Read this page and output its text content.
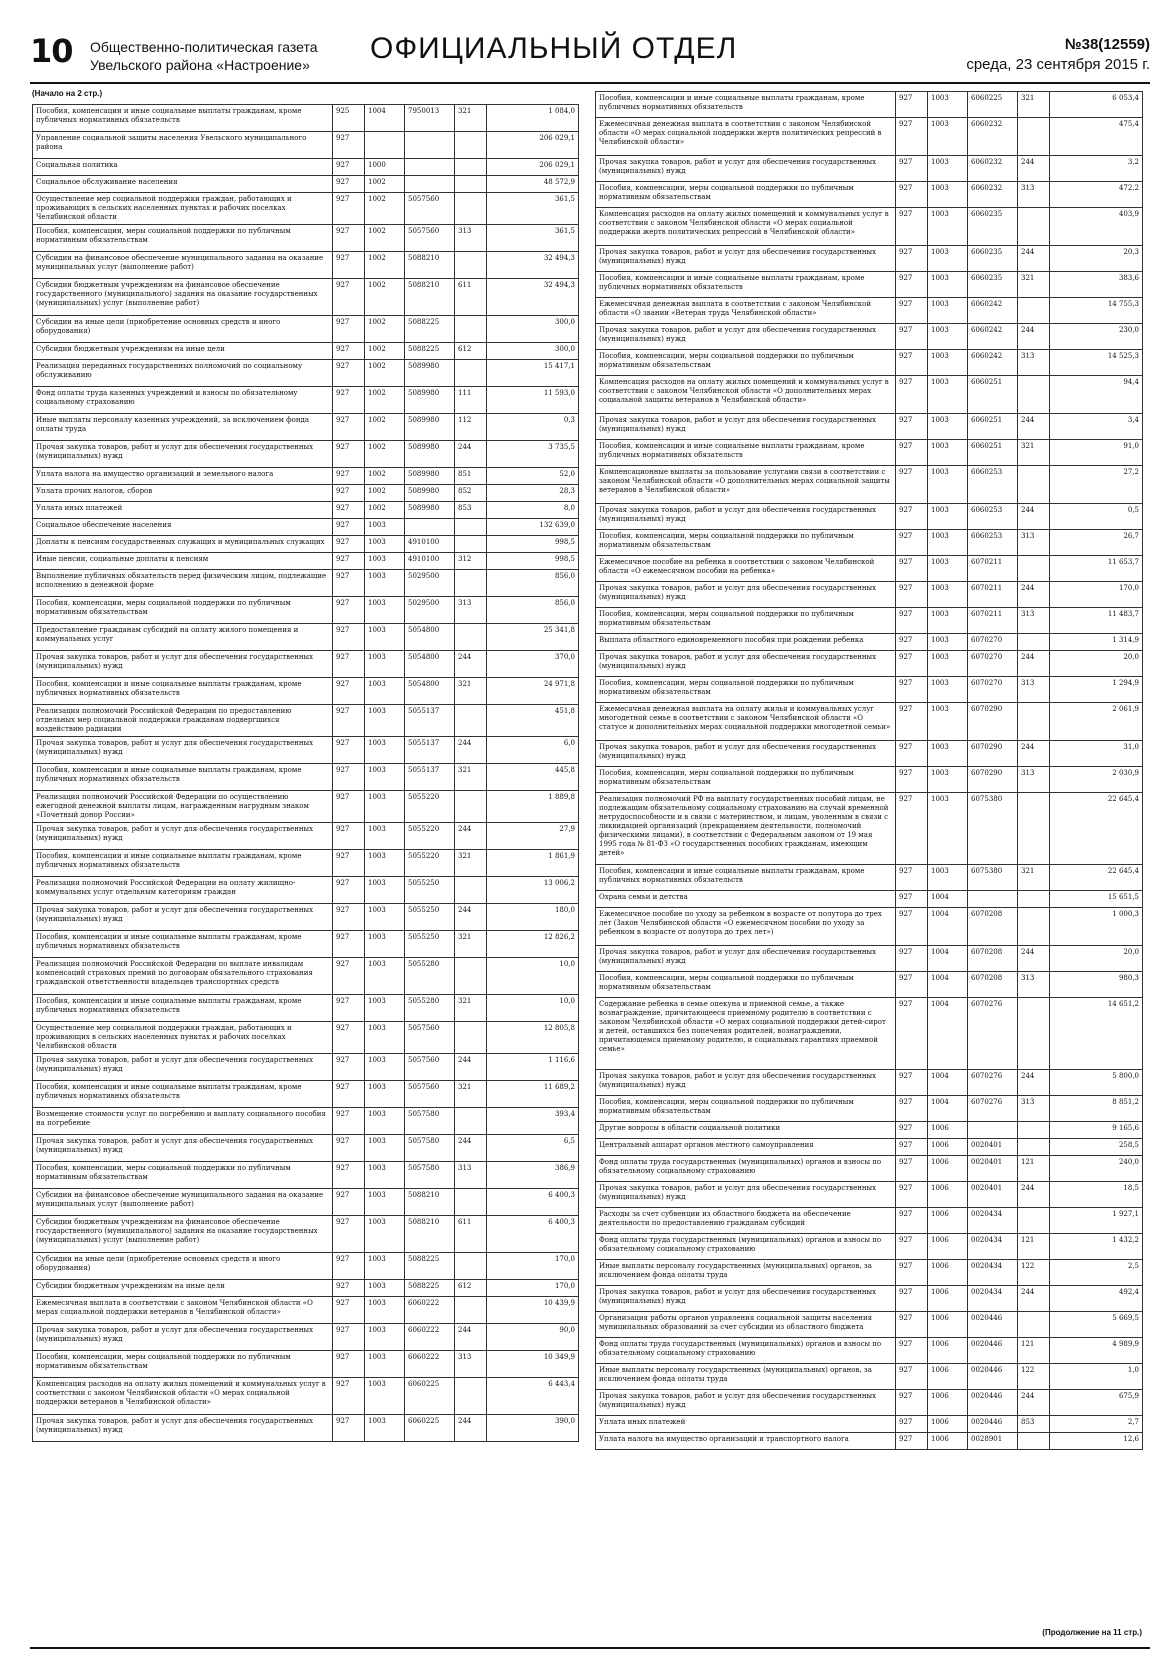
10 Общественно-политическая газета
Увельского района «Настроение» ОФИЦИАЛЬНЫЙ ОТДЕЛ	№38(12559)
среда, 23 сентября 2015 г.
(Начало на 2 стр.)
Пособия, компенсации и иные социальные выплаты гражданам, кроме публичных нормативных обязательств	925	1004	7950013	321	1 084,0
Управление социальной защиты населения Увельского муниципального района	927				206 029,1
Социальная политика	927	1000			206 029,1
Социальное обслуживание населения	927	1002			48 572,9
Осуществление мер социальной поддержки граждан, работающих и проживающих в сельских населенных пунктах и рабочих поселках Челябинской области	927	1002	5057560		361,5
Пособия, компенсации, меры социальной поддержки по публичным нормативным обязательствам	927	1002	5057560	313	361,5
Субсидии на финансовое обеспечение муниципального задания на оказание муниципальных услуг (выполнение работ)	927	1002	5088210		32 494,3
Субсидии бюджетным учреждениям на финансовое обеспечение государственного (муниципального) задания на оказание государственных (муниципальных) услуг (выполнение работ)	927	1002	5088210	611	32 494,3
Субсидии на иные цели (приобретение основных средств и иного оборудования)	927	1002	5088225		300,0
Субсидии бюджетным учреждениям на иные цели	927	1002	5088225	612	300,0
Реализация переданных государственных полномочий по социальному обслуживанию	927	1002	5089980		15 417,1
Фонд оплаты труда казенных учреждений и взносы по обязательному социальному страхованию	927	1002	5089980	111	11 593,0
Иные выплаты персоналу казенных учреждений, за исключением фонда оплаты труда	927	1002	5089980	112	0,3
Прочая закупка товаров, работ и услуг для обеспечения государственных (муниципальных) нужд	927	1002	5089980	244	3 735,5
Уплата налога на имущество организаций и земельного налога	927	1002	5089980	851	52,0
Уплата прочих налогов, сборов	927	1002	5089980	852	28,3
Уплата иных платежей	927	1002	5089980	853	8,0
Социальное обеспечение населения	927	1003			132 639,0
Доплаты к пенсиям государственных служащих и муниципальных служащих	927	1003	4910100		998,5
Иные пенсии, социальные доплаты к пенсиям	927	1003	4910100	312	998,5
Выполнение публичных обязательств перед физическим лицом, подлежащие исполнению в денежной форме	927	1003	5029500		856,0
Пособия, компенсации, меры социальной поддержки по публичным нормативным обязательствам	927	1003	5029500	313	856,0
Предоставление гражданам субсидий на оплату жилого помещения и коммунальных услуг	927	1003	5054800		25 341,8
Прочая закупка товаров, работ и услуг для обеспечения государственных (муниципальных) нужд	927	1003	5054800	244	370,0
Пособия, компенсации и иные социальные выплаты гражданам, кроме публичных нормативных обязательств	927	1003	5054800	321	24 971,8
Реализация полномочий Российской Федерации по предоставлению отдельных мер социальной поддержки гражданам подвергшихся воздействию радиации	927	1003	5055137		451,8
Прочая закупка товаров, работ и услуг для обеспечения государственных (муниципальных) нужд	927	1003	5055137	244	6,0
Пособия, компенсации и иные социальные выплаты гражданам, кроме публичных нормативных обязательств	927	1003	5055137	321	445,8
Реализация полномочий Российской Федерации по осуществлению ежегодной денежной выплаты лицам, награжденным нагрудным знаком «Почетный донор России»	927	1003	5055220		1 889,8
Прочая закупка товаров, работ и услуг для обеспечения государственных (муниципальных) нужд	927	1003	5055220	244	27,9
Пособия, компенсации и иные социальные выплаты гражданам, кроме публичных нормативных обязательств	927	1003	5055220	321	1 861,9
Реализация полномочий Российской Федерации на оплату жилищно-коммунальных услуг отдельным категориям граждан	927	1003	5055250		13 006,2
Прочая закупка товаров, работ и услуг для обеспечения государственных (муниципальных) нужд	927	1003	5055250	244	180,0
Пособия, компенсации и иные социальные выплаты гражданам, кроме публичных нормативных обязательств	927	1003	5055250	321	12 826,2
Реализация полномочий Российской Федерации по выплате инвалидам компенсаций страховых премий по договорам обязательного страхования гражданской ответственности владельцев транспортных средств	927	1003	5055280		10,0
Пособия, компенсации и иные социальные выплаты гражданам, кроме публичных нормативных обязательств	927	1003	5055280	321	10,0
Осуществление мер социальной поддержки граждан, работающих и проживающих в сельских населенных пунктах и рабочих поселках Челябинской области	927	1003	5057560		12 805,8
Прочая закупка товаров, работ и услуг для обеспечения государственных (муниципальных) нужд	927	1003	5057560	244	1 116,6
Пособия, компенсации и иные социальные выплаты гражданам, кроме публичных нормативных обязательств	927	1003	5057560	321	11 689,2
Возмещение стоимости услуг по погребению и выплату социального пособия на погребение	927	1003	5057580		393,4
Прочая закупка товаров, работ и услуг для обеспечения государственных (муниципальных) нужд	927	1003	5057580	244	6,5
Пособия, компенсации, меры социальной поддержки по публичным нормативным обязательствам	927	1003	5057580	313	386,9
Субсидии на финансовое обеспечение муниципального задания на оказание муниципальных услуг (выполнение работ)	927	1003	5088210		6 400,3
Субсидии бюджетным учреждениям на финансовое обеспечение государственного (муниципального) задания на оказание государственных (муниципальных) услуг (выполнение работ)	927	1003	5088210	611	6 400,3
Субсидии на иные цели (приобретение основных средств и иного оборудования)	927	1003	5088225		170,0
Субсидии бюджетным учреждениям на иные цели	927	1003	5088225	612	170,0
Ежемесячная выплата в соответствии с законом Челябинской области «О мерах социальной поддержки ветеранов в Челябинской области»	927	1003	6060222		10 439,9
Прочая закупка товаров, работ и услуг для обеспечения государственных (муниципальных) нужд	927	1003	6060222	244	90,0
Пособия, компенсации, меры социальной поддержки по публичным нормативным обязательствам	927	1003	6060222	313	10 349,9
Компенсация расходов на оплату жилых помещений и коммунальных услуг в соответствии с законом Челябинской области «О мерах социальной поддержки ветеранов в Челябинской области»	927	1003	6060225		6 443,4
Прочая закупка товаров, работ и услуг для обеспечения государственных (муниципальных) нужд	927	1003	6060225	244	390,0
Пособия, компенсации и иные социальные выплаты гражданам, кроме публичных нормативных обязательств	927	1003	6060225	321	6 053,4
Ежемесячная денежная выплата в соответствии с законом Челябинской области «О мерах социальной поддержки жертв политических репрессий в Челябинской области»	927	1003	6060232		475,4
Прочая закупка товаров, работ и услуг для обеспечения государственных (муниципальных) нужд	927	1003	6060232	244	3,2
Пособия, компенсации, меры социальной поддержки по публичным нормативным обязательствам	927	1003	6060232	313	472,2
Компенсация расходов на оплату жилых помещений и коммунальных услуг в соответствии с законом Челябинской области «О мерах социальной поддержки жертв политических репрессий в Челябинской области»	927	1003	6060235		403,9
Прочая закупка товаров, работ и услуг для обеспечения государственных (муниципальных) нужд	927	1003	6060235	244	20,3
Пособия, компенсации и иные социальные выплаты гражданам, кроме публичных нормативных обязательств	927	1003	6060235	321	383,6
Ежемесячная денежная выплата в соответствии с законом Челябинской области «О звании «Ветеран труда Челябинской области»	927	1003	6060242		14 755,3
Прочая закупка товаров, работ и услуг для обеспечения государственных (муниципальных) нужд	927	1003	6060242	244	230,0
Пособия, компенсации, меры социальной поддержки по публичным нормативным обязательствам	927	1003	6060242	313	14 525,3
Компенсация расходов на оплату жилых помещений и коммунальных услуг в соответствии с законом Челябинской области «О дополнительных мерах социальной защиты ветеранов в Челябинской области»	927	1003	6060251		94,4
Прочая закупка товаров, работ и услуг для обеспечения государственных (муниципальных) нужд	927	1003	6060251	244	3,4
Пособия, компенсации и иные социальные выплаты гражданам, кроме публичных нормативных обязательств	927	1003	6060251	321	91,0
Компенсационные выплаты за пользование услугами связи в соответствии с законом Челябинской области «О дополнительных мерах социальной защиты ветеранов в Челябинской области»	927	1003	6060253		27,2
Прочая закупка товаров, работ и услуг для обеспечения государственных (муниципальных) нужд	927	1003	6060253	244	0,5
Пособия, компенсации, меры социальной поддержки по публичным нормативным обязательствам	927	1003	6060253	313	26,7
Ежемесячное пособие на ребенка в соответствии с законом Челябинской области «О ежемесячном пособии на ребенка»	927	1003	6070211		11 653,7
Прочая закупка товаров, работ и услуг для обеспечения государственных (муниципальных) нужд	927	1003	6070211	244	170,0
Пособия, компенсации, меры социальной поддержки по публичным нормативным обязательствам	927	1003	6070211	313	11 483,7
Выплата областного единовременного пособия при рождении ребенка	927	1003	6070270		1 314,9
Прочая закупка товаров, работ и услуг для обеспечения государственных (муниципальных) нужд	927	1003	6070270	244	20,0
Пособия, компенсации, меры социальной поддержки по публичным нормативным обязательствам	927	1003	6070270	313	1 294,9
Ежемесячная денежная выплата на оплату жилья и коммунальных услуг многодетной семье в соответствии с законом Челябинской области «О статусе и дополнительных мерах социальной поддержки многодетной семьи»	927	1003	6070290		2 061,9
Прочая закупка товаров, работ и услуг для обеспечения государственных (муниципальных) нужд	927	1003	6070290	244	31,0
Пособия, компенсации, меры социальной поддержки по публичным нормативным обязательствам	927	1003	6070290	313	2 030,9
Реализация полномочий РФ на выплату государственных пособий лицам, не подлежащим обязательному социальному страхованию на случай временной нетрудоспособности и в связи с материнством, и лицам, уволенным в связи с ликвидацией организаций (прекращением деятельности, полномочий физическими лицами), в соответствии с Федеральным законом от 19 мая 1995 года № 81-ФЗ «О государственных пособиях гражданам, имеющим детей»	927	1003	6075380		22 645,4
Пособия, компенсации и иные социальные выплаты гражданам, кроме публичных нормативных обязательств	927	1003	6075380	321	22 645,4
Охрана семьи и детства	927	1004			15 651,5
Ежемесячное пособие по уходу за ребенком в возрасте от полутора до трех лет (Закон Челябинской области «О ежемесячном пособии по уходу за ребенком в возрасте от полутора до трех лет»)	927	1004	6070208		1 000,3
Прочая закупка товаров, работ и услуг для обеспечения государственных (муниципальных) нужд	927	1004	6070208	244	20,0
Пособия, компенсации, меры социальной поддержки по публичным нормативным обязательствам	927	1004	6070208	313	980,3
Содержание ребенка в семье опекуна и приемной семье, а также вознаграждение, причитающееся приемному родителю в соответствии с законом Челябинской области «О мерах социальной поддержки детей-сирот и детей, оставшихся без попечения родителей, вознаграждении, причитающемся приемному родителю, и социальных гарантиях приемной семье»	927	1004	6070276		14 651,2
Прочая закупка товаров, работ и услуг для обеспечения государственных (муниципальных) нужд	927	1004	6070276	244	5 800,0
Пособия, компенсации, меры социальной поддержки по публичным нормативным обязательствам	927	1004	6070276	313	8 851,2
Другие вопросы в области социальной политики	927	1006			9 165,6
Центральный аппарат органов местного самоуправления	927	1006	0020401		258,5
Фонд оплаты труда государственных (муниципальных) органов и взносы по обязательному социальному страхованию	927	1006	0020401	121	240,0
Прочая закупка товаров, работ и услуг для обеспечения государственных (муниципальных) нужд	927	1006	0020401	244	18,5
Расходы за счет субвенции из областного бюджета на обеспечение деятельности по предоставлению гражданам субсидий	927	1006	0020434		1 927,1
Фонд оплаты труда государственных (муниципальных) органов и взносы по обязательному социальному страхованию	927	1006	0020434	121	1 432,2
Иные выплаты персоналу государственных (муниципальных) органов, за исключением фонда оплаты труда	927	1006	0020434	122	2,5
Прочая закупка товаров, работ и услуг для обеспечения государственных (муниципальных) нужд	927	1006	0020434	244	492,4
Организация работы органов управления социальной защиты населения муниципальных образований за счет субсидии из областного бюджета	927	1006	0020446		5 669,5
Фонд оплаты труда государственных (муниципальных) органов и взносы по обязательному социальному страхованию	927	1006	0020446	121	4 989,9
Иные выплаты персоналу государственных (муниципальных) органов, за исключением фонда оплаты труда	927	1006	0020446	122	1,0
Прочая закупка товаров, работ и услуг для обеспечения государственных (муниципальных) нужд	927	1006	0020446	244	675,9
Уплата иных платежей	927	1006	0020446	853	2,7
Уплата налога на имущество организаций и транспортного налога	927	1006	0028901		12,6
(Продолжение на 11 стр.)
